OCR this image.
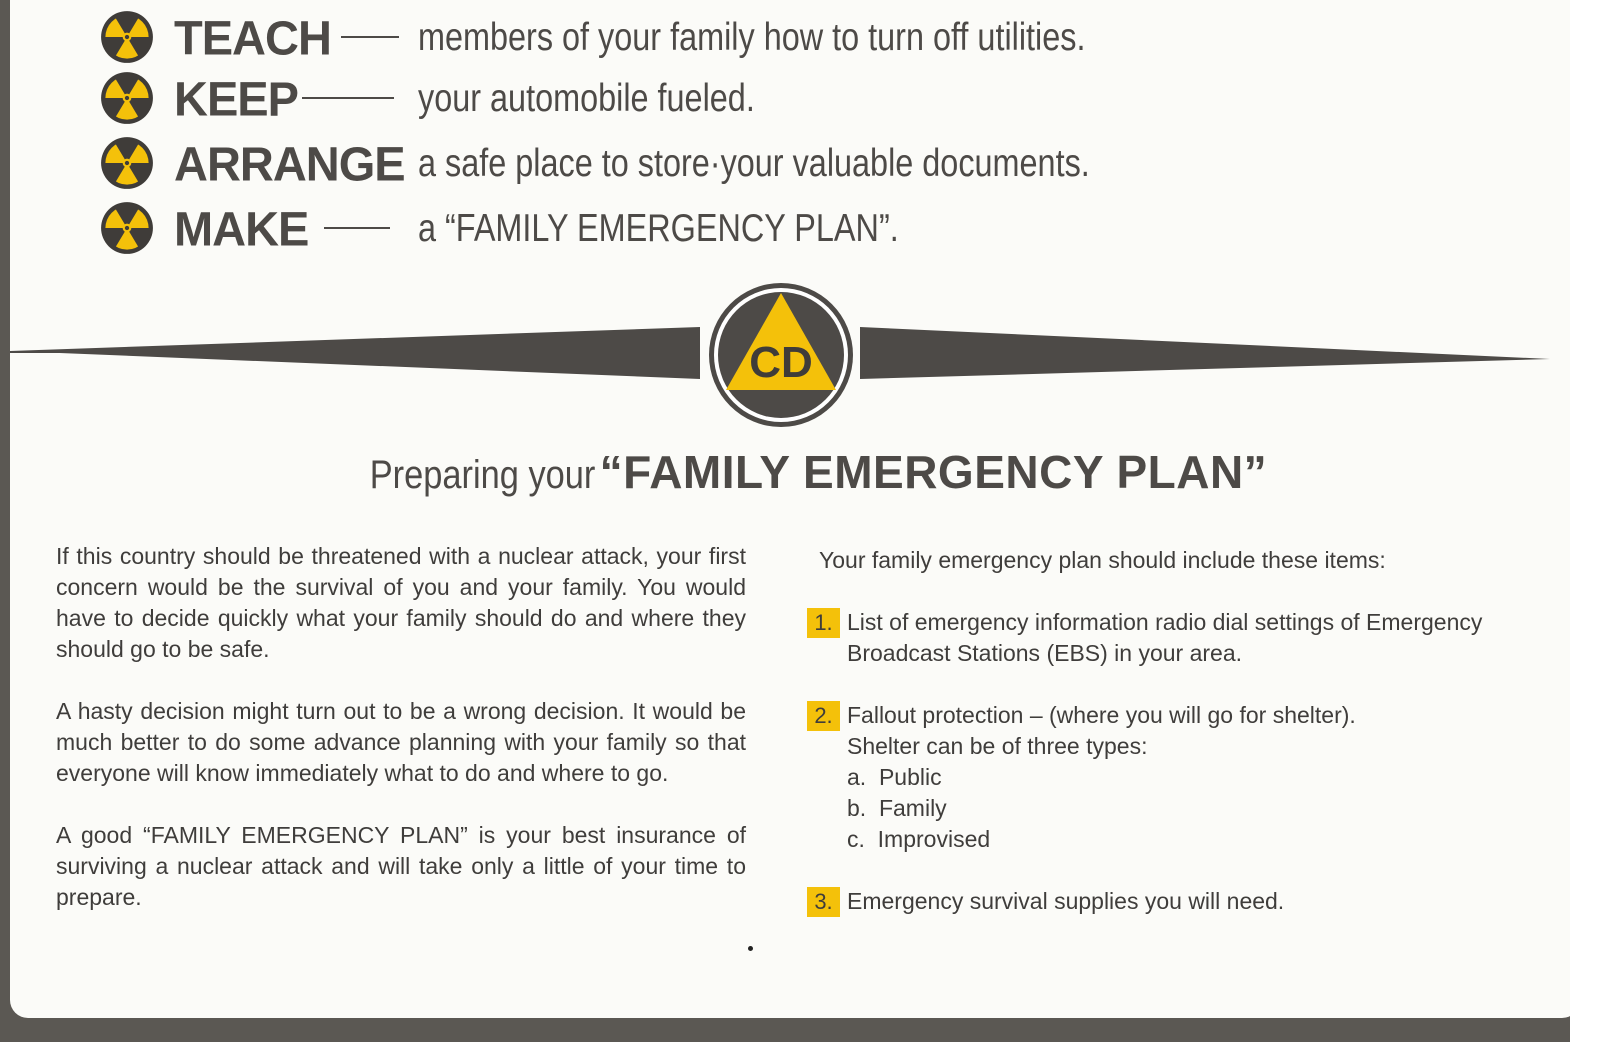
TEACH members of your family how to turn off utilities.
KEEP	your automobile fueled.
ARRANGE a safe place to store·your valuable documents.
MAKE	a “FAMILY EMERGENCY PLAN”.
CD
Preparing your “FAMILY EMERGENCY PLAN”

If this country should be threatened with a nuclear attack, your first concern would be the survival of you and your family. You would have to decide quickly what your family should do and where they should go to be safe.

A hasty decision might turn out to be a wrong decision. It would be much better to do some advance planning with your family so that everyone will know immediately what to do and where to go.

A good “FAMILY EMERGENCY PLAN” is your best insurance of surviving a nuclear attack and will take only a little of your time to prepare.

Your family emergency plan should include these items:
1. List of emergency information radio dial settings of Emergency Broadcast Stations (EBS) in your area.
2. Fallout protection – (where you will go for shelter).
Shelter can be of three types:
a.  Public
b.  Family
c.  Improvised
3. Emergency survival supplies you will need.
